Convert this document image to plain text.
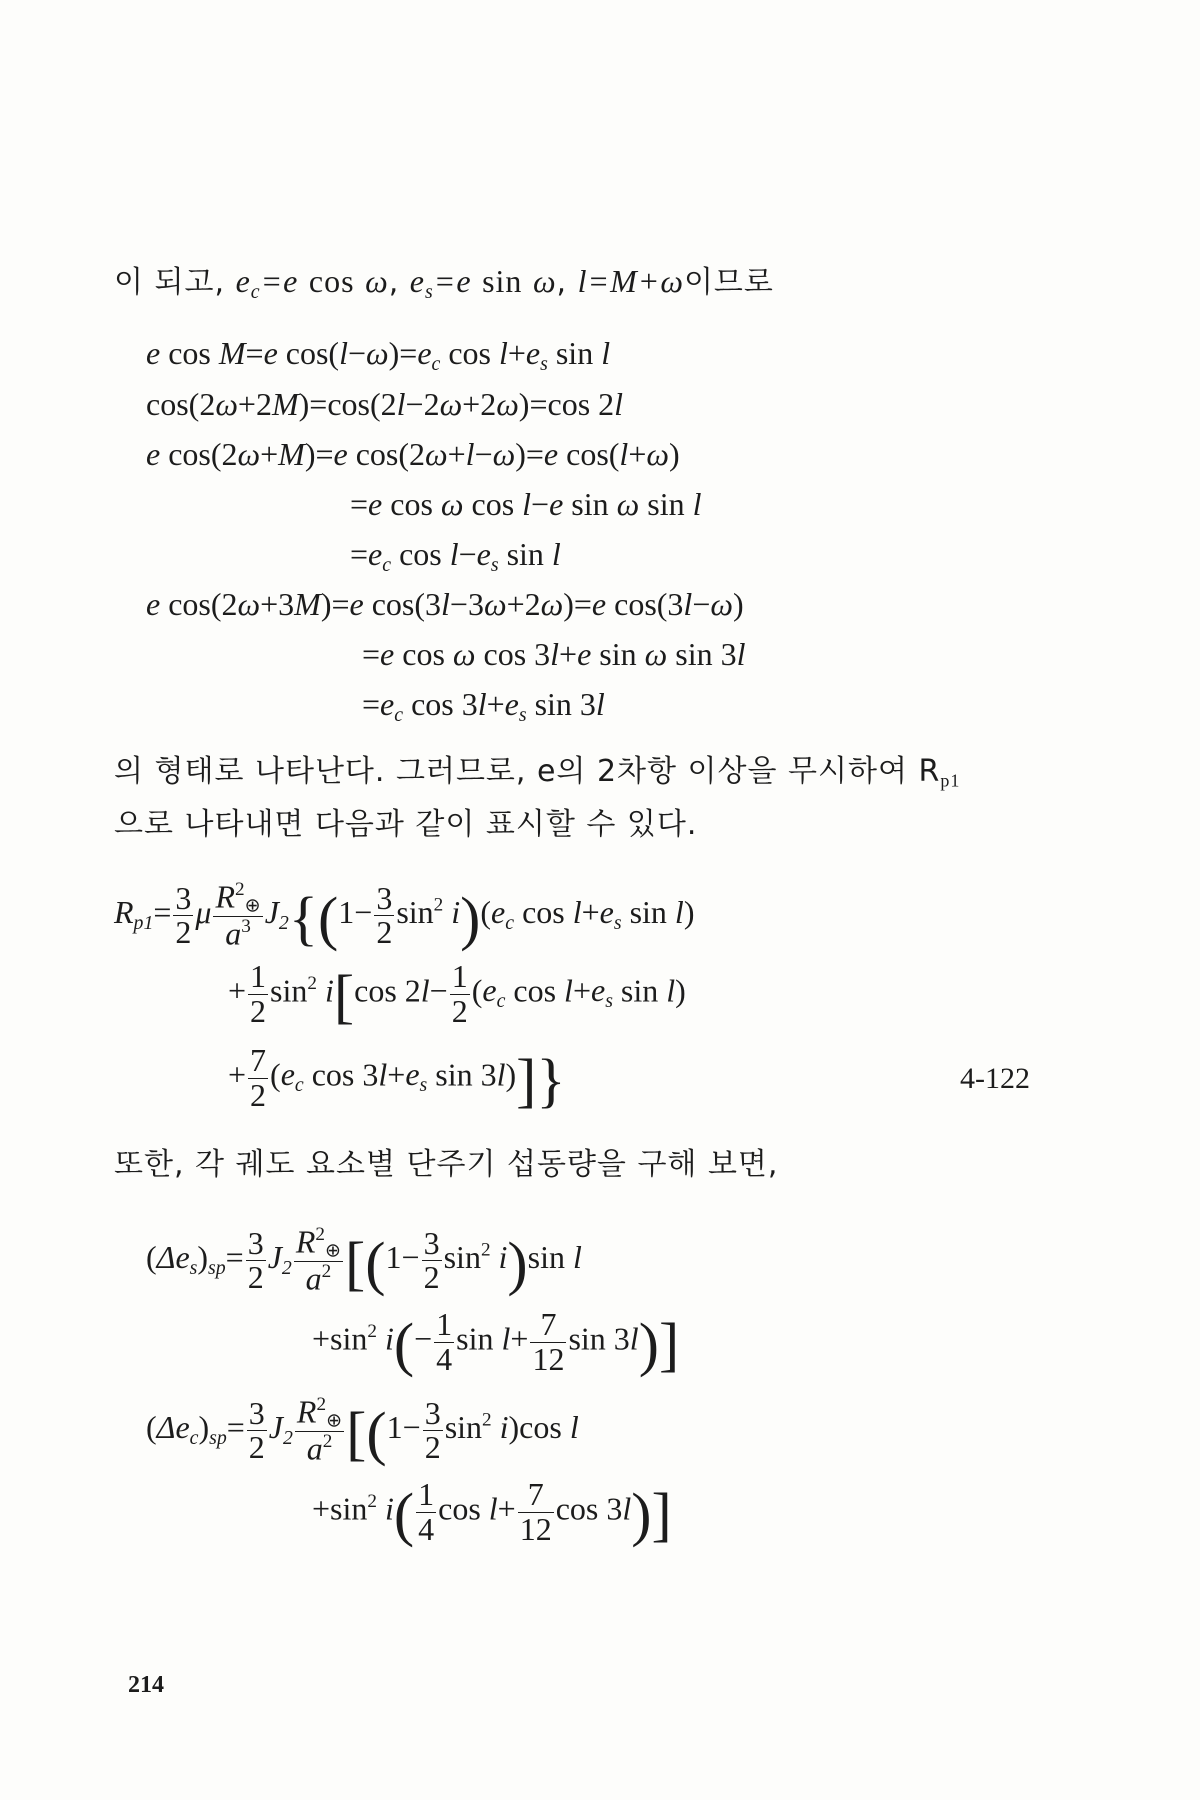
이 되고, $e_c=e$ cos ω, $e_s=e$ sin ω, l=M+ω이므로
e cos M=e $\cos(l-\omega)=e_c$ $\cos l+e_s$ sin l
cos(2ω+2M)=cos(2l−2ω+2ω)=cos 2l
e cos(2ω+M)=e cos(2ω+l−ω)=e cos(l+ω)
=e cos ω cos l−e sin ω sin l
$=e_c$ $\cos l-e_s$ sin l
e cos(2ω+3M)=e cos(3l−3ω+2ω)=e cos(3l−ω)
=e cos ω cos 3l+e sin ω sin 3l
$=e_c$ $\cos 3l+e_s$ sin 3l
의 형태로 나타난다. 그러므로, e의 2차항 이상을 무시하여 Rp1
으로 나타내면 다음과 같이 표시할 수 있다.
$R_{p1}= \frac{3}{2}$ μ $\frac{R^2\oplus}{a^3} J_2\{(1- \frac{3}{2} \sin^2 i)(e_c$ $\cos l+e_s$ sin l)
+ $\frac{1}{2} \sin^2 i[\cos$ $2l- \frac{1}{2} (e_c$ $\cos l+e_s$ sin l)
+ $\frac{7}{2} (e_c$ $\cos 3l+e_s$ sin 3l)]}	4-122
또한, 각 궤도 요소별 단주기 섭동량을 구해 보면,
$(\Delta e_s)_{sp}= \frac{3}{2} J_2 \frac{R^2\oplus}{a^2} [(1- \frac{3}{2} \sin^2 i)\sin$ l
$+\sin^2$ $i(- \frac{1}{4}$ $\sin l+ \frac{7}{12}$ sin 3l)]
$(\Delta e_c)_{sp}= \frac{3}{2} J_2 \frac{R^2\oplus}{a^2} [(1- \frac{3}{2} \sin^2 i)\cos$ l
$+\sin^2$ $i( \frac{1}{4}$ $\cos l+ \frac{7}{12}$ cos 3l)]
214
